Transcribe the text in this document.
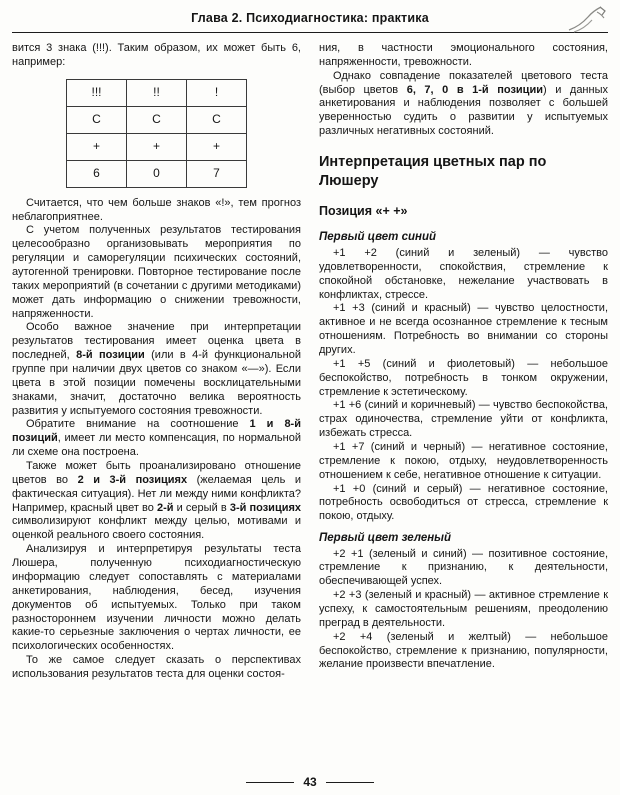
Глава 2. Психодиагностика: практика

вится 3 знака (!!!). Таким образом, их может быть 6, например:

!!!	!!	!
С	С	С
+	+	+
6	0	7

Считается, что чем больше знаков «!», тем прогноз неблагоприятнее.

С учетом полученных результатов тестирования целесообразно организовывать мероприятия по регуляции и саморегуляции психических состояний, аутогенной тренировки. Повторное тестирование после таких мероприятий (в сочетании с другими методиками) может дать информацию о снижении тревожности, напряженности.

Особо важное значение при интерпретации результатов тестирования имеет оценка цвета в последней, 8-й позиции (или в 4-й функциональной группе при наличии двух цветов со знаком «—»). Если цвета в этой позиции помечены восклицательными знаками, значит, достаточно велика вероятность развития у испытуемого состояния тревожности.

Обратите внимание на соотношение 1 и 8-й позиций, имеет ли место компенсация, по нормальной ли схеме она построена.

Также может быть проанализировано отношение цветов во 2 и 3-й позициях (желаемая цель и фактическая ситуация). Нет ли между ними конфликта? Например, красный цвет во 2-й и серый в 3-й позициях символизируют конфликт между целью, мотивами и оценкой реального своего состояния.

Анализируя и интерпретируя результаты теста Люшера, полученную психодиагностическую информацию следует сопоставлять с материалами анкетирования, наблюдения, бесед, изучения документов об испытуемых. Только при таком разностороннем изучении личности можно делать какие-то серьезные заключения о чертах личности, ее психологических особенностях.

То же самое следует сказать о перспективах использования результатов теста для оценки состоя-

ния, в частности эмоционального состояния, напряженности, тревожности.

Однако совпадение показателей цветового теста (выбор цветов 6, 7, 0 в 1-й позиции) и данных анкетирования и наблюдения позволяет с большей уверенностью судить о развитии у испытуемых различных негативных состояний.

Интерпретация цветных пар по Люшеру
Позиция «+ +»
Первый цвет синий

+1 +2 (синий и зеленый) — чувство удовлетворенности, спокойствия, стремление к спокойной обстановке, нежелание участвовать в конфликтах, стрессе.

+1 +3 (синий и красный) — чувство целостности, активное и не всегда осознанное стремление к тесным отношениям. Потребность во внимании со стороны других.

+1 +5 (синий и фиолетовый) — небольшое беспокойство, потребность в тонком окружении, стремление к эстетическому.

+1 +6 (синий и коричневый) — чувство беспокойства, страх одиночества, стремление уйти от конфликта, избежать стресса.

+1 +7 (синий и черный) — негативное состояние, стремление к покою, отдыху, неудовлетворенность отношением к себе, негативное отношение к ситуации.

+1 +0 (синий и серый) — негативное состояние, потребность освободиться от стресса, стремление к покою, отдыху.

Первый цвет зеленый

+2 +1 (зеленый и синий) — позитивное состояние, стремление к признанию, к деятельности, обеспечивающей успех.

+2 +3 (зеленый и красный) — активное стремление к успеху, к самостоятельным решениям, преодолению преград в деятельности.

+2 +4 (зеленый и желтый) — небольшое беспокойство, стремление к признанию, популярности, желание произвести впечатление.

43
